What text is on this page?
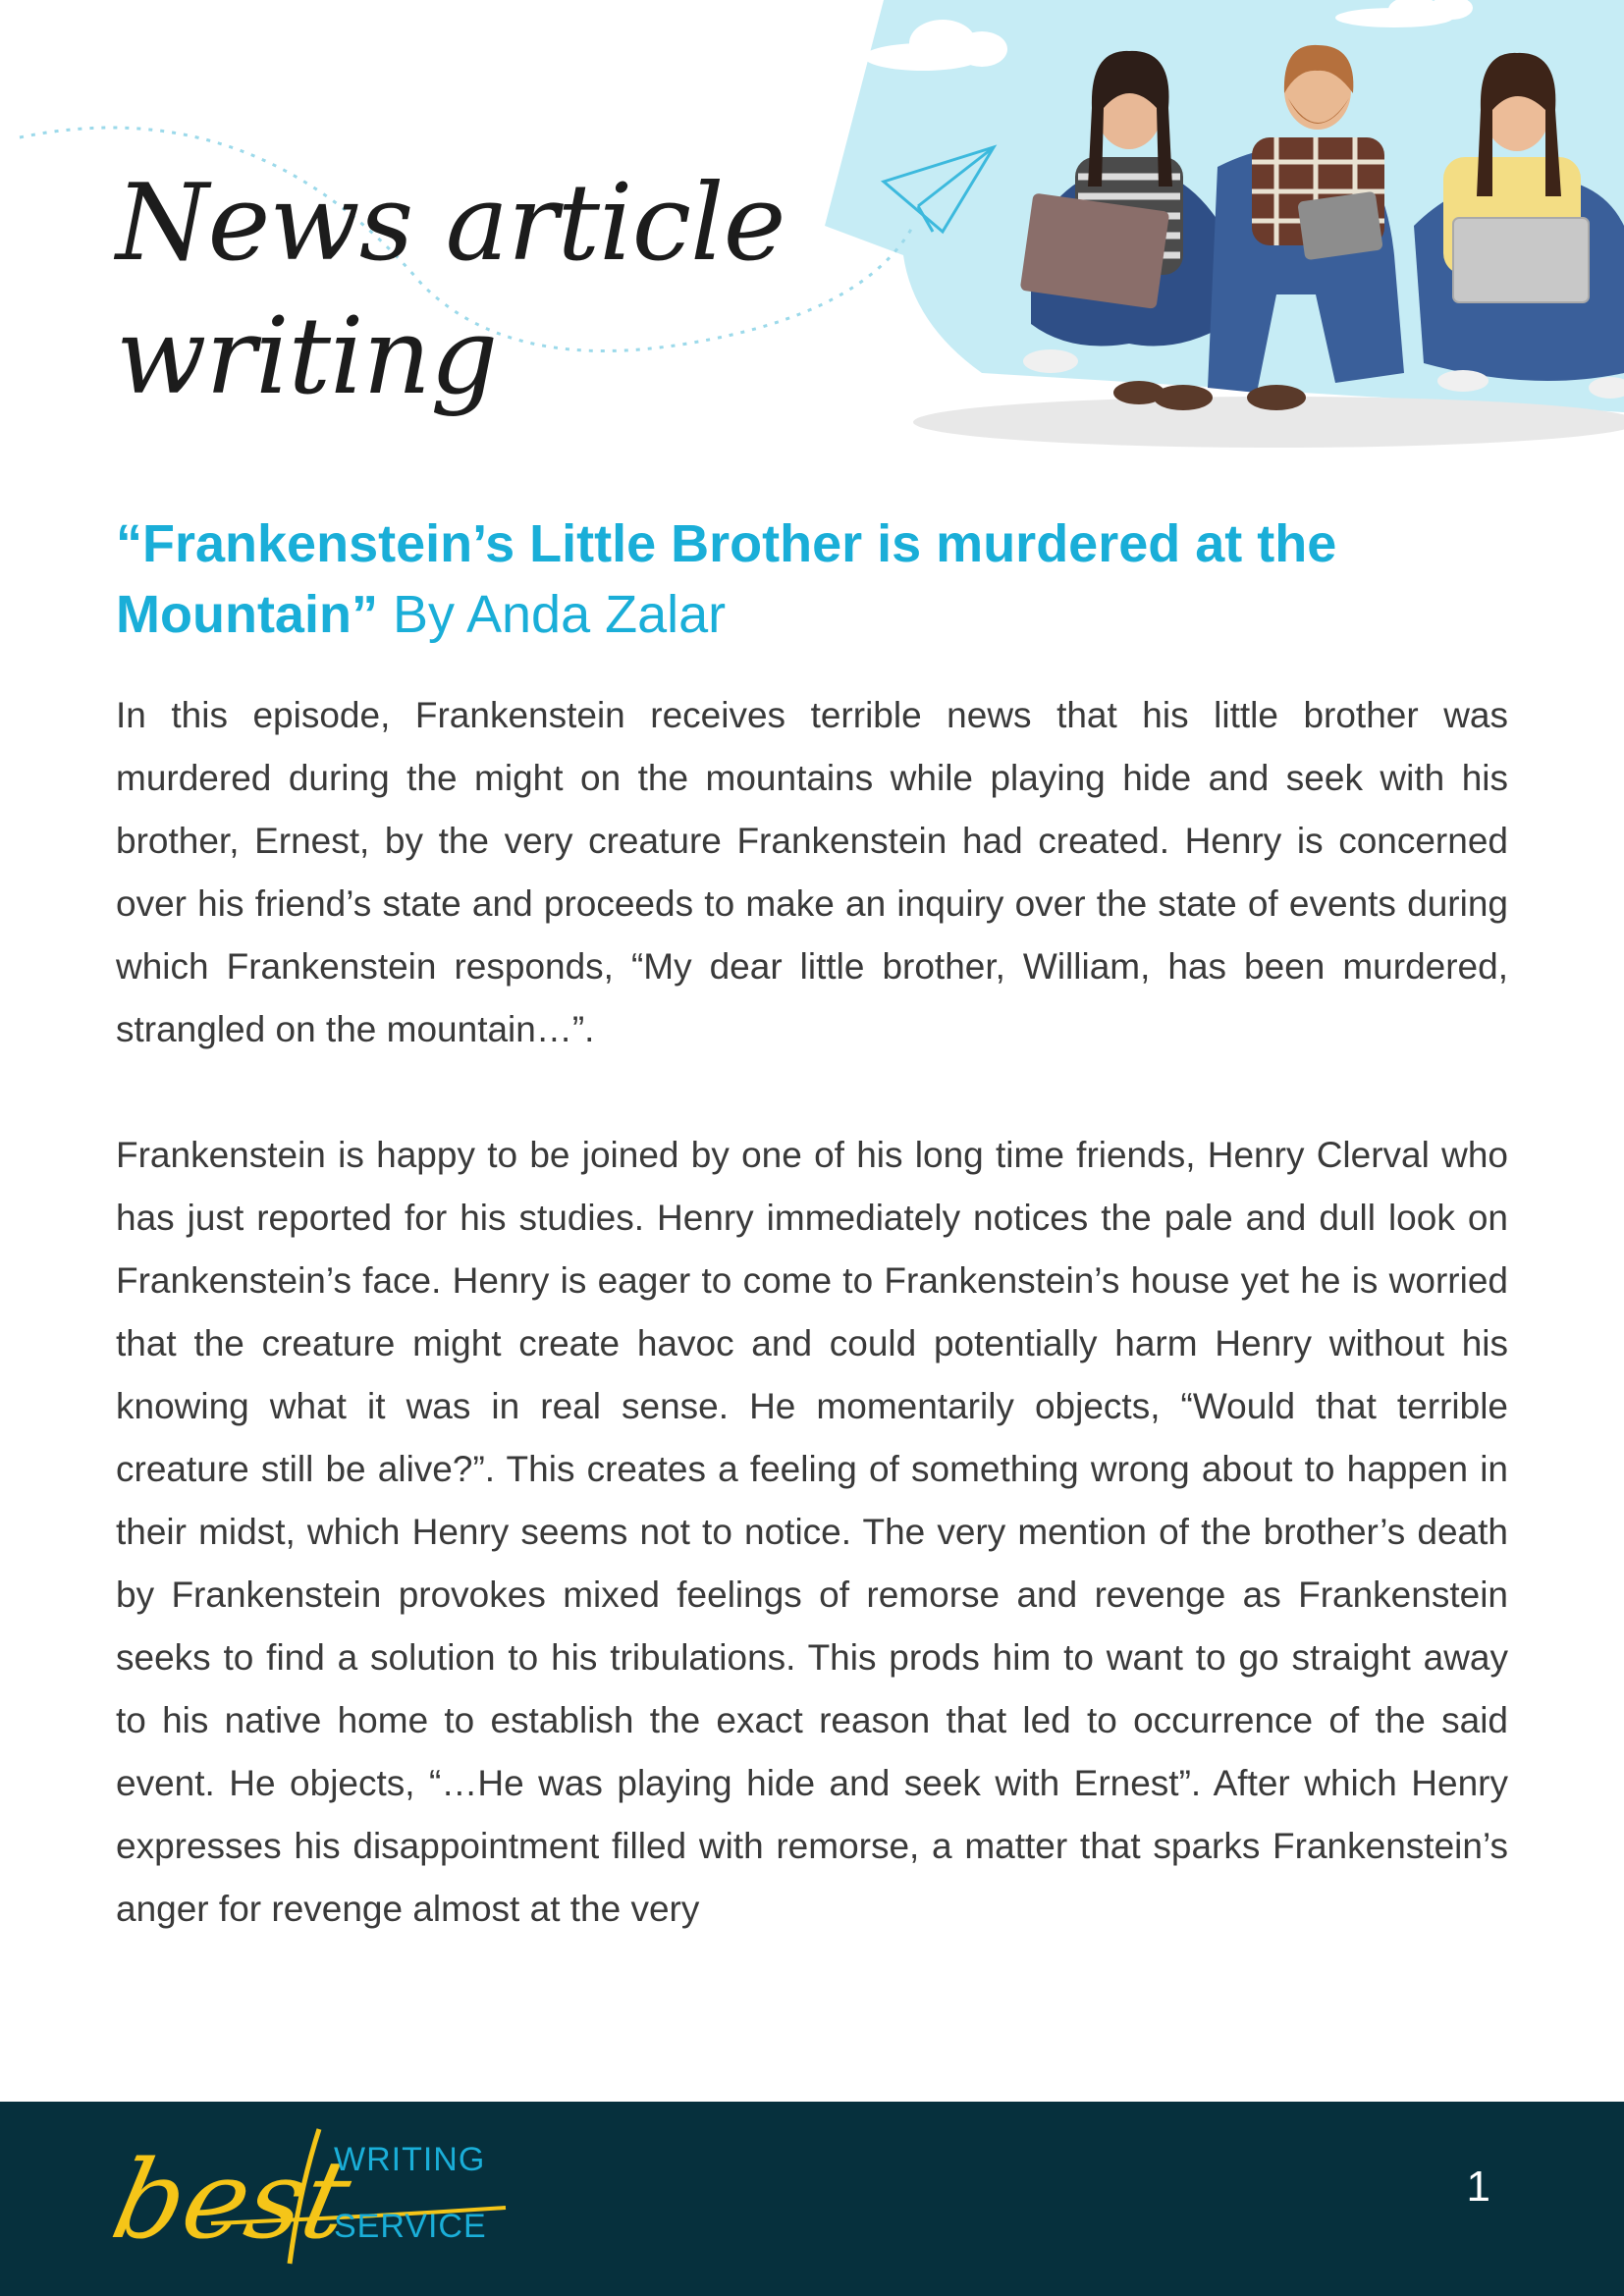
News article writing
“Frankenstein’s Little Brother is murdered at the Mountain” By Anda Zalar

In this episode, Frankenstein receives terrible news that his little brother was murdered during the might on the mountains while playing hide and seek with his brother, Ernest, by the very creature Frankenstein had created. Henry is concerned over his friend’s state and proceeds to make an inquiry over the state of events during which Frankenstein responds, “My dear little brother, William, has been murdered, strangled on the mountain…”.

Frankenstein is happy to be joined by one of his long time friends, Henry Clerval who has just reported for his studies. Henry immediately notices the pale and dull look on Frankenstein’s face. Henry is eager to come to Frankenstein’s house yet he is worried that the creature might create havoc and could potentially harm Henry without his knowing what it was in real sense. He momentarily objects, “Would that terrible creature still be alive?”. This creates a feeling of something wrong about to happen in their midst, which Henry seems not to notice. The very mention of the brother’s death by Frankenstein provokes mixed feelings of remorse and revenge as Frankenstein seeks to find a solution to his tribulations. This prods him to want to go straight away to his native home to establish the exact reason that led to occurrence of the said event. He objects, “…He was playing hide and seek with Ernest”. After which Henry expresses his disappointment filled with remorse, a matter that sparks Frankenstein’s anger for revenge almost at the very

best
WRITING
SERVICE
1
